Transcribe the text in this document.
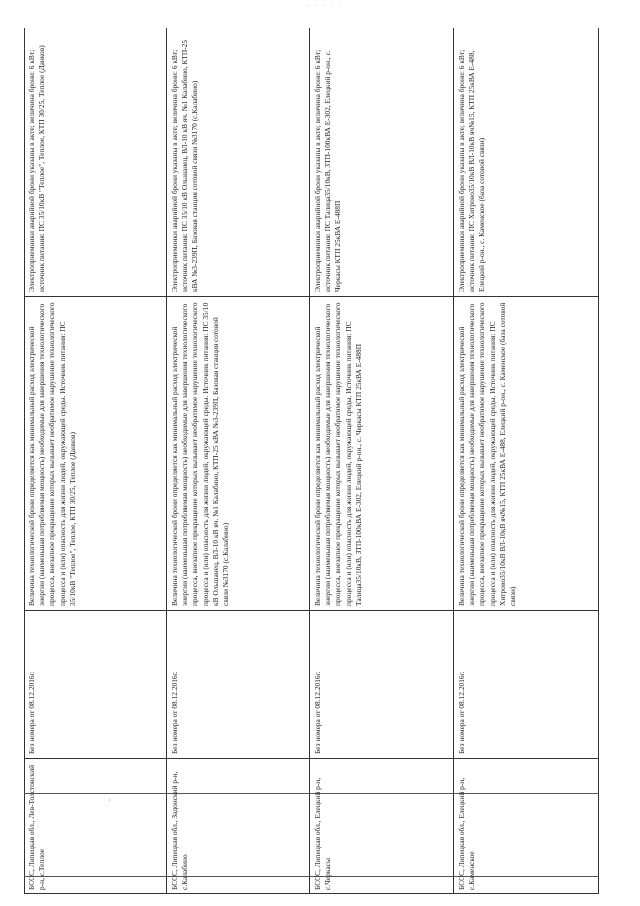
· · · · ·
БССС, Липецкая обл., Лев-Толстовский р-н, с.Теплое
Без номера от 08.12.2016г.
Величина технологической брони определяется как минимальный расход электрической энергии (наименьшая потребляемая мощность) необходимые для завершения технологического процесса, внезапное прекращение которых вызывает необратимое нарушение технологического процесса и (или) опасность для жизни людей, окружающей среды. Источник питания: ПС 35/10кВ "Теплое", Теплое, КТП 30/25, Теплое (Данков)
Электроприемники аварийной брони указаны в акте; величина брони: 6 кВт; источник питания: ПС 35/10кВ "Теплое", Теплое, КТП 30/25, Теплое (Данков)
БССС, Липецкая обл., Задонский р-н, с.Калабино
Без номера от 08.12.2016г.
Величина технологической брони определяется как минимальный расход электрической энергии (наименьшая потребляемая мощность) необходимые для завершения технологического процесса, внезапное прекращение которых вызывает необратимое нарушение технологического процесса и (или) опасность для жизни людей, окружающей среды. Источник питания: ПС 35/10 кВ Ольшанец, ВЛ-10 кВ яч. №1 Калабино, КТП-25 кВА №3-239П, Базовая станция сотовой связи №3170 (с.Калабино)
Электроприемники аварийной брони указаны в акте; величина брони: 6 кВт; источник питания: ПС 35/10 кВ Ольшанец, ВЛ-10 кВ яч. №1 Калабино, КТП-25 кВА №3-239П, Базовая станция сотовой связи №3170 (с.Калабино)
БССС, Липецкая обл., Елецкий р-н, с.Черкасы
Без номера от 08.12.2016г.
Величина технологической брони определяется как минимальный расход электрической энергии (наименьшая потребляемая мощность) необходимые для завершения технологического процесса, внезапное прекращение которых вызывает необратимое нарушение технологического процесса и (или) опасность для жизни людей, окружающей среды. Источник питания: ПС Талица35/10кВ, ЗТП-100кВА Е-302, Елецкий р-он., с. Черкасы КТП 25кВА Е-488П
Электроприемники аварийной брони указаны в акте; величина брони: 6 кВт; источник питания: ПС Талица35/10кВ, ЗТП-100кВА Е-302, Елецкий р-он., с. Черкасы КТП 25кВА Е-488П
БССС, Липецкая обл., Елецкий р-н, с.Каменское
Без номера от 08.12.2016г.
Величина технологической брони определяется как минимальный расход электрической энергии (наименьшая потребляемая мощность) необходимые для завершения технологического процесса, внезапное прекращение которых вызывает необратимое нарушение технологического процесса и (или) опасность для жизни людей, окружающей среды. Источник питания: ПС Хитрово35/10кВ ВЛ-10кВ яч№15, КТП 25кВА Е-488, Елецкий р-он., с. Каменское (база сотовой связи)
Электроприемники аварийной брони указаны в акте; величина брони: 6 кВт; источник питания: ПС Хитрово35/10кВ ВЛ-10кВ яч№15, КТП 25кВА Е-488, Елецкий р-он., с. Каменское (база сотовой связи)
·
